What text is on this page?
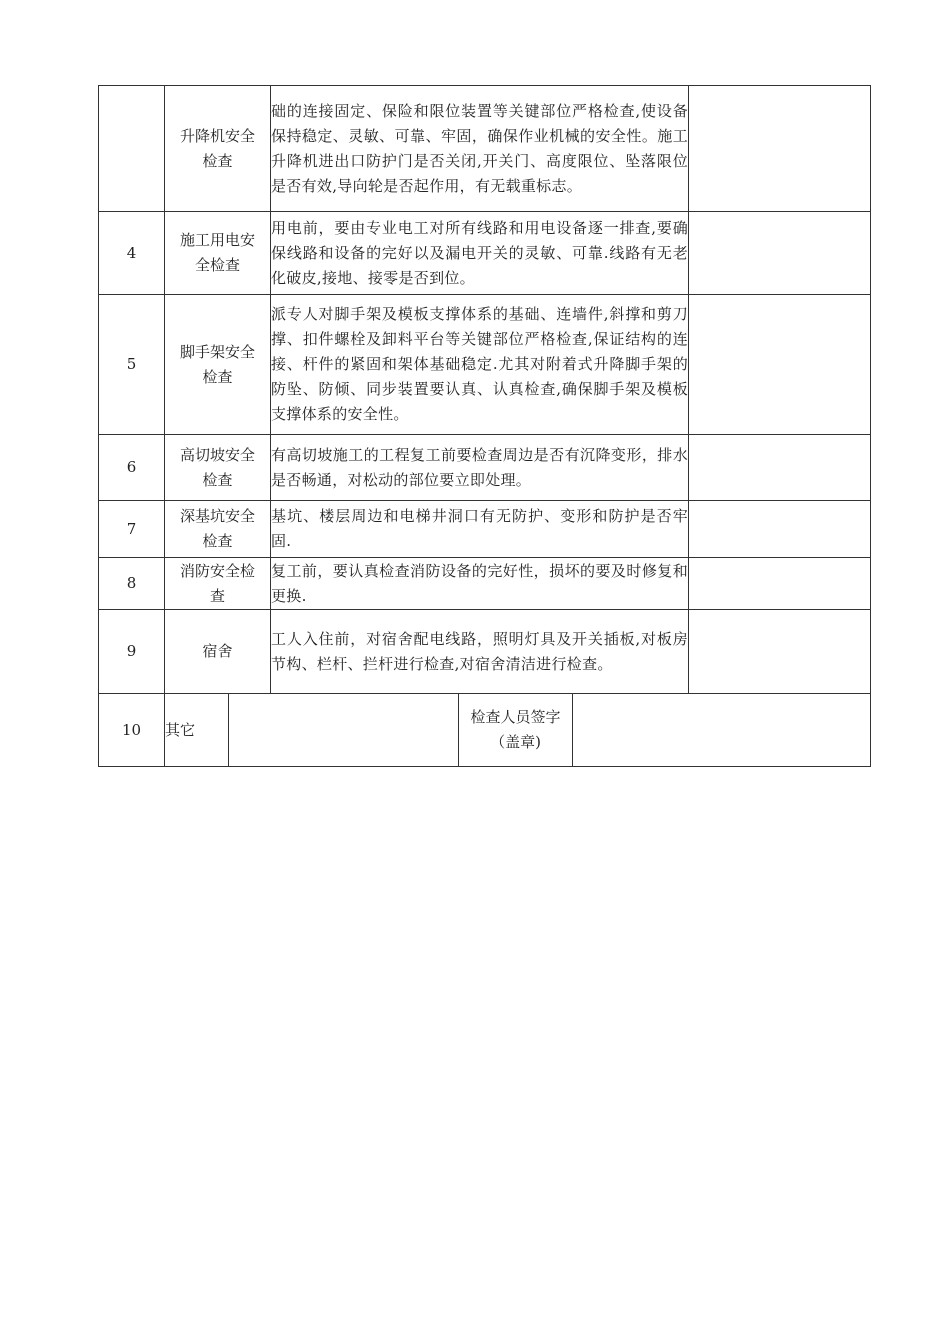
	升降机安全检查		础的连接固定、保险和限位装置等关键部位严格检查,使设备保持稳定、灵敏、可靠、牢固，确保作业机械的安全性。施工升降机进出口防护门是否关闭,开关门、高度限位、坠落限位是否有效,导向轮是否起作用，有无载重标志。			
4	施工用电安全检查		用电前，要由专业电工对所有线路和用电设备逐一排查,要确保线路和设备的完好以及漏电开关的灵敏、可靠.线路有无老化破皮,接地、接零是否到位。			
5	脚手架安全检查		派专人对脚手架及模板支撑体系的基础、连墙件,斜撑和剪刀撑、扣件螺栓及卸料平台等关键部位严格检查,保证结构的连接、杆件的紧固和架体基础稳定.尤其对附着式升降脚手架的防坠、防倾、同步装置要认真、认真检查,确保脚手架及模板支撑体系的安全性。			
6	高切坡安全检查		有高切坡施工的工程复工前要检查周边是否有沉降变形，排水是否畅通，对松动的部位要立即处理。			
7	深基坑安全检查		基坑、楼层周边和电梯井洞口有无防护、变形和防护是否牢固.			
8	消防安全检查		复工前，要认真检查消防设备的完好性，损坏的要及时修复和更换.			
9	宿舍		工人入住前，对宿舍配电线路，照明灯具及开关插板,对板房节构、栏杆、拦杆进行检查,对宿舍清洁进行检查。			
10	其它			检查人员签字（盖章)		
